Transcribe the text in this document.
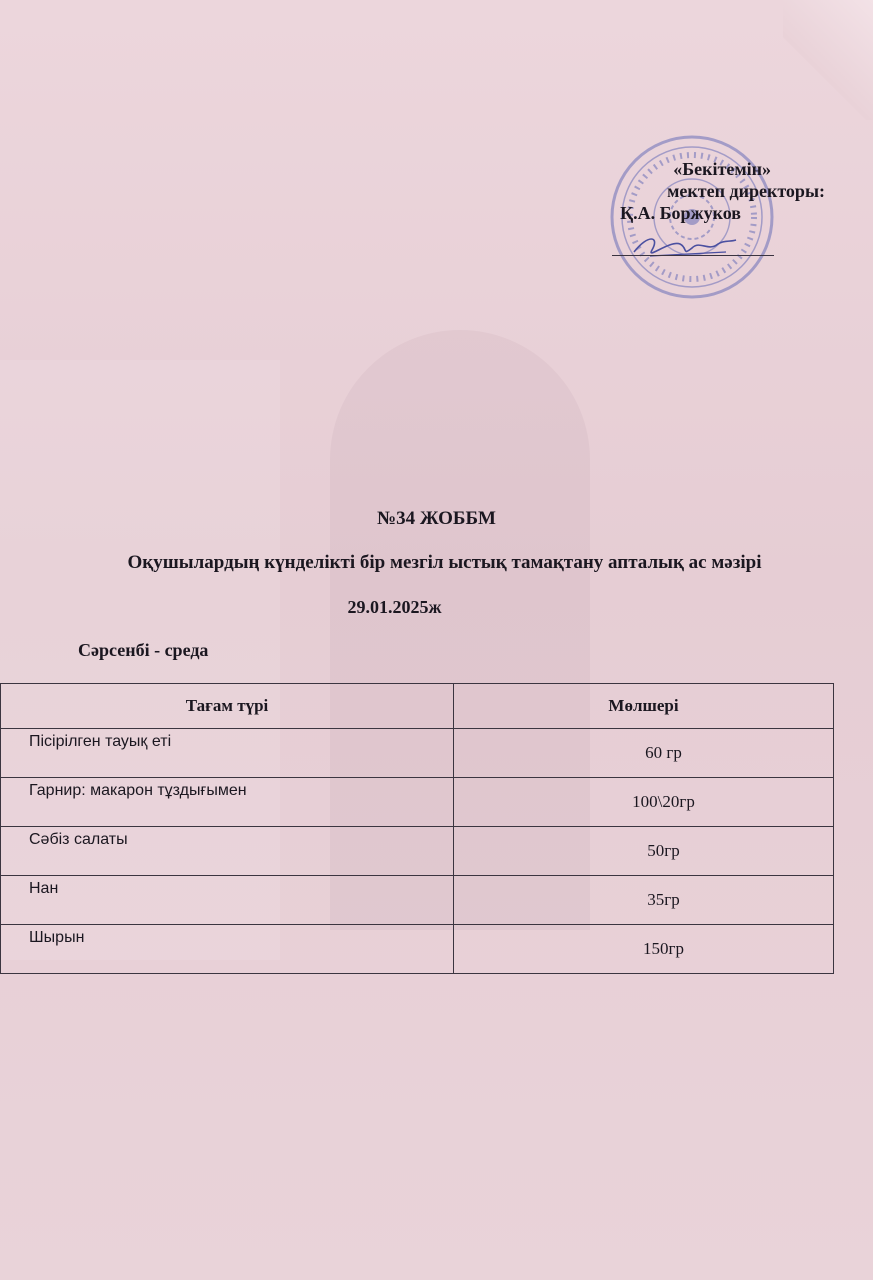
«Бекітемін»
мектеп директоры:
Қ.А. Боржуков
№34 ЖОББМ
Оқушылардың күнделікті бір мезгіл ыстық тамақтану апталық ас мәзірі
29.01.2025ж
Сәрсенбі - среда
Тағам түрі	Мөлшері
Пісірілген тауық еті	60 гр
Гарнир: макарон тұздығымен	100\20гр
Сәбіз салаты	50гр
Нан	35гр
Шырын	150гр
